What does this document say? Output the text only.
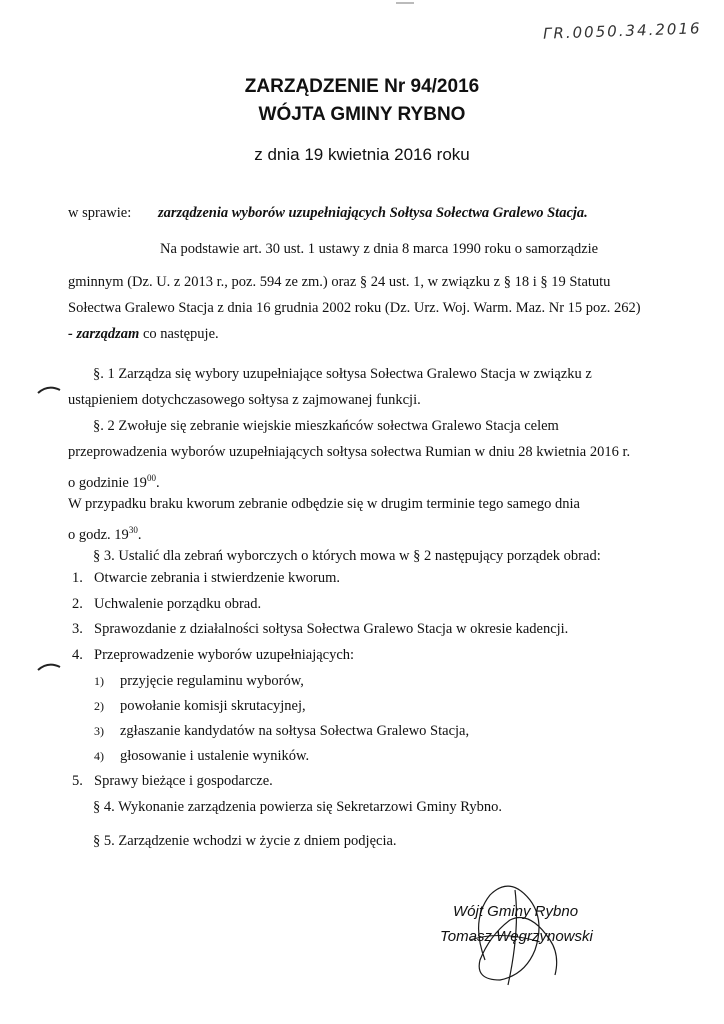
ΓR.0050.34.2016
ZARZĄDZENIE Nr 94/2016
WÓJTA GMINY RYBNO
z dnia 19 kwietnia 2016 roku
w sprawie: zarządzenia wyborów uzupełniających Sołtysa Sołectwa Gralewo Stacja.
Na podstawie art. 30 ust. 1 ustawy z dnia 8 marca 1990 roku o samorządzie
gminnym (Dz. U. z 2013 r., poz. 594 ze zm.) oraz § 24 ust. 1, w związku z § 18 i § 19 Statutu
Sołectwa Gralewo Stacja z dnia 16 grudnia 2002 roku (Dz. Urz. Woj. Warm. Maz. Nr 15 poz. 262)
- zarządzam co następuje.
§. 1 Zarządza się wybory uzupełniające sołtysa Sołectwa Gralewo Stacja w związku z
ustąpieniem dotychczasowego sołtysa z zajmowanej funkcji.
§. 2 Zwołuje się zebranie wiejskie mieszkańców sołectwa Gralewo Stacja celem
przeprowadzenia wyborów uzupełniających sołtysa sołectwa Rumian w dniu 28 kwietnia 2016 r.
o godzinie $19^{00}$.
W przypadku braku kworum zebranie odbędzie się w drugim terminie tego samego dnia
o godz. $19^{30}$.
§ 3. Ustalić dla zebrań wyborczych o których mowa w § 2 następujący porządek obrad:
1. Otwarcie zebrania i stwierdzenie kworum.
2. Uchwalenie porządku obrad.
3. Sprawozdanie z działalności sołtysa Sołectwa Gralewo Stacja w okresie kadencji.
4. Przeprowadzenie wyborów uzupełniających:
1) przyjęcie regulaminu wyborów,
2) powołanie komisji skrutacyjnej,
3) zgłaszanie kandydatów na sołtysa Sołectwa Gralewo Stacja,
4) głosowanie i ustalenie wyników.
5. Sprawy bieżące i gospodarcze.
§ 4. Wykonanie zarządzenia powierza się Sekretarzowi Gminy Rybno.
§ 5. Zarządzenie wchodzi w życie z dniem podjęcia.
Wójt Gminy Rybno
Tomasz Węgrzynowski
